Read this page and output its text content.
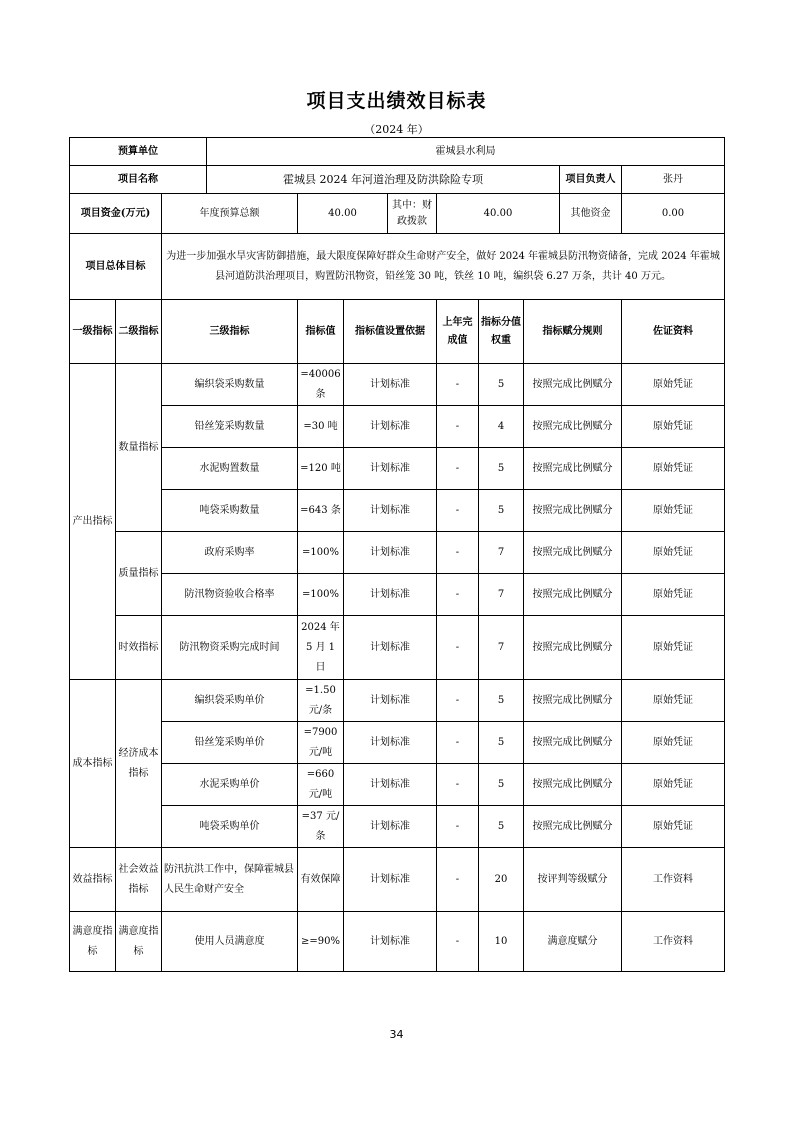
项目支出绩效目标表
（2024 年）
预算单位			霍城县水利局								
项目名称			霍城县 2024 年河道治理及防洪除险专项							项目负责人	张丹
项目资金(万元)		年度预算总额		40.00		其中：财政拨款	40.00			其他资金	0.00
项目总体目标		为进一步加强水旱灾害防御措施，最大限度保障好群众生命财产安全，做好 2024 年霍城县防汛物资储备，完成 2024 年霍城县河道防洪治理项目，购置防汛物资，铅丝笼 30 吨，铁丝 10 吨，编织袋 6.27 万条，共计 40 万元。									
一级指标	二级指标	三级指标		指标值	指标值设置依据		上年完成值	指标分值权重	指标赋分规则		佐证资料
产出指标	数量指标	编织袋采购数量		=40006 条	计划标准		-	5	按照完成比例赋分		原始凭证
		铅丝笼采购数量		=30 吨	计划标准		-	4	按照完成比例赋分		原始凭证
		水泥购置数量		=120 吨	计划标准		-	5	按照完成比例赋分		原始凭证
		吨袋采购数量		=643 条	计划标准		-	5	按照完成比例赋分		原始凭证
	质量指标	政府采购率		=100%	计划标准		-	7	按照完成比例赋分		原始凭证
		防汛物资验收合格率		=100%	计划标准		-	7	按照完成比例赋分		原始凭证
	时效指标	防汛物资采购完成时间		2024 年 5 月 1 日	计划标准		-	7	按照完成比例赋分		原始凭证
成本指标	经济成本指标	编织袋采购单价		=1.50 元/条	计划标准		-	5	按照完成比例赋分		原始凭证
		铅丝笼采购单价		=7900 元/吨	计划标准		-	5	按照完成比例赋分		原始凭证
		水泥采购单价		=660 元/吨	计划标准		-	5	按照完成比例赋分		原始凭证
		吨袋采购单价		=37 元/条	计划标准		-	5	按照完成比例赋分		原始凭证
效益指标	社会效益指标	防汛抗洪工作中，保障霍城县人民生命财产安全		有效保障	计划标准		-	20	按评判等级赋分		工作资料
满意度指标	满意度指标	使用人员满意度		≥=90%	计划标准		-	10	满意度赋分		工作资料
34
